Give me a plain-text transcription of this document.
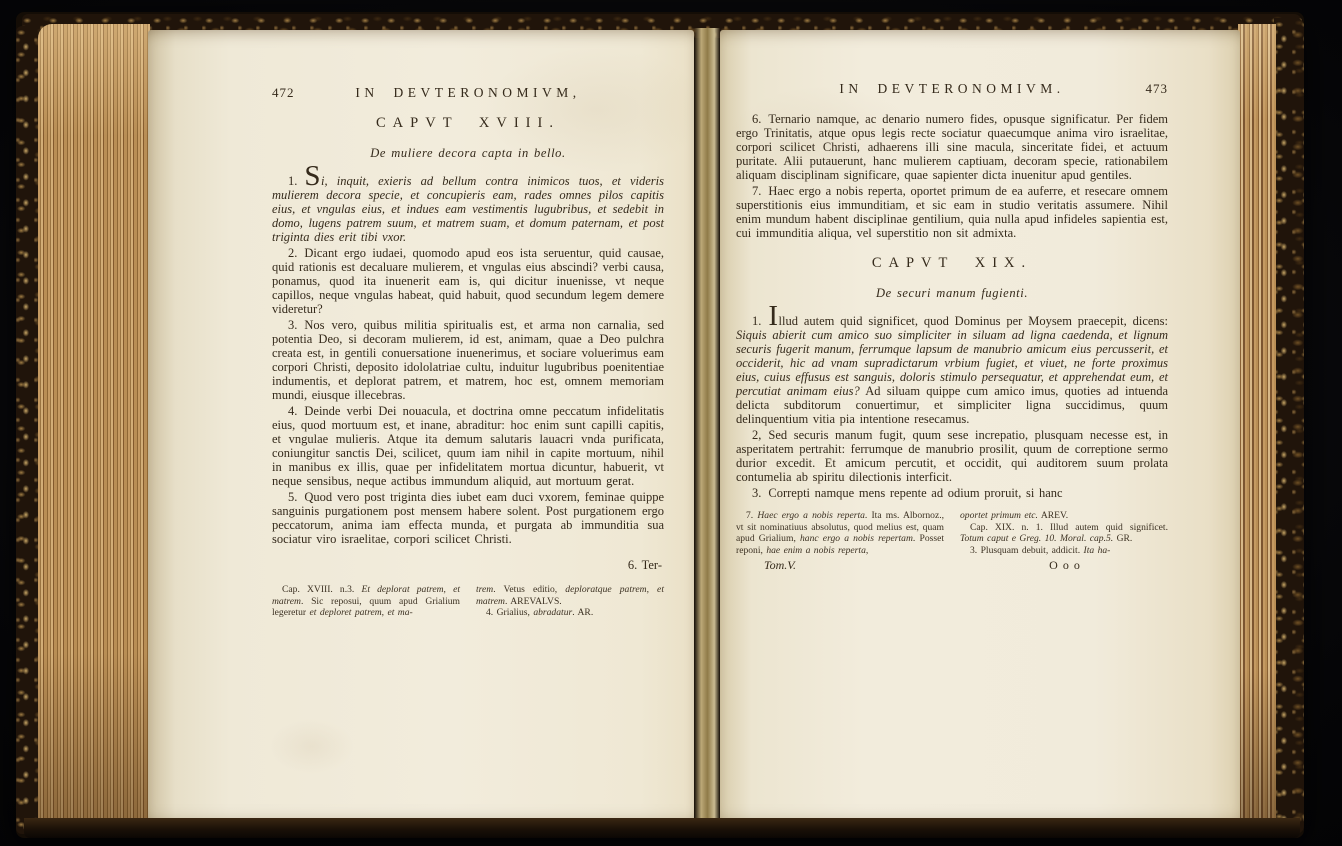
472	IN DEVTERONOMIVM,
CAPVT XVIII.
De muliere decora capta in bello.

1. Si, inquit, exieris ad bellum contra inimicos tuos, et videris mulierem decora specie, et concupieris eam, rades omnes pilos capitis eius, et vngulas eius, et indues eam vestimentis lugubribus, et sedebit in domo, lugens patrem suum, et matrem suam, et domum paternam, et post triginta dies erit tibi vxor.

2. Dicant ergo iudaei, quomodo apud eos ista seruentur, quid causae, quid rationis est decaluare mulierem, et vngulas eius abscindi? verbi causa, ponamus, quod ita inuenerit eam is, qui dicitur inuenisse, vt neque capillos, neque vngulas habeat, quid habuit, quod secundum legem demere videretur?

3. Nos vero, quibus militia spiritualis est, et arma non carnalia, sed potentia Deo, si decoram mulierem, id est, animam, quae a Deo pulchra creata est, in gentili conuersatione inuenerimus, et sociare voluerimus eam corpori Christi, deposito idololatriae cultu, induitur lugubribus poenitentiae indumentis, et deplorat patrem, et matrem, hoc est, omnem memoriam mundi, eiusque illecebras.

4. Deinde verbi Dei nouacula, et doctrina omne peccatum infidelitatis eius, quod mortuum est, et inane, abraditur: hoc enim sunt capilli capitis, et vngulae mulieris. Atque ita demum salutaris lauacri vnda purificata, coniungitur sanctis Dei, scilicet, quum iam nihil in capite mortuum, nihil in manibus ex illis, quae per infidelitatem mortua dicuntur, habuerit, vt neque sensibus, neque actibus immundum aliquid, aut mortuum gerat.

5. Quod vero post triginta dies iubet eam duci vxorem, feminae quippe sanguinis purgationem post mensem habere solent. Post purgationem ergo peccatorum, anima iam effecta munda, et purgata ab immunditia sua sociatur viro israelitae, corpori scilicet Christi.

6. Ter-

Cap. XVIII. n.3. Et deplorat patrem, et matrem. Sic reposui, quum apud Grialium legeretur et deploret patrem, et ma-

trem. Vetus editio, deploratque patrem, et matrem. AREVALVS.

4. Grialius, abradatur. AR.

IN DEVTERONOMIVM.	473

6. Ternario namque, ac denario numero fides, opusque significatur. Per fidem ergo Trinitatis, atque opus legis recte sociatur quaecumque anima viro israelitae, corpori scilicet Christi, adhaerens illi sine macula, sinceritate fidei, et actuum puritate. Alii putauerunt, hanc mulierem captiuam, decoram specie, rationabilem aliquam disciplinam significare, quae sapienter dicta inuenitur apud gentiles.

7. Haec ergo a nobis reperta, oportet primum de ea auferre, et resecare omnem superstitionis eius immunditiam, et sic eam in studio veritatis assumere. Nihil enim mundum habent disciplinae gentilium, quia nulla apud infideles sapientia est, cui immunditia aliqua, vel superstitio non sit admixta.

CAPVT XIX.
De securi manum fugienti.

1. Illud autem quid significet, quod Dominus per Moysem praecepit, dicens: Siquis abierit cum amico suo simpliciter in siluam ad ligna caedenda, et lignum securis fugerit manum, ferrumque lapsum de manubrio amicum eius percusserit, et occiderit, hic ad vnam supradictarum vrbium fugiet, et viuet, ne forte proximus eius, cuius effusus est sanguis, doloris stimulo persequatur, et apprehendat eum, et percutiat animam eius? Ad siluam quippe cum amico imus, quoties ad intuenda delicta subditorum conuertimur, et simpliciter ligna succidimus, quum delinquentium vitia pia intentione resecamus.

2, Sed securis manum fugit, quum sese increpatio, plusquam necesse est, in asperitatem pertrahit: ferrumque de manubrio prosilit, quum de correptione sermo durior excedit. Et amicum percutit, et occidit, qui auditorem suum prolata contumelia ab spiritu dilectionis interficit.

3. Correpti namque mens repente ad odium proruit, si hanc

7. Haec ergo a nobis reperta. Ita ms. Albornoz., vt sit nominatiuus absolutus, quod melius est, quam apud Grialium, hanc ergo a nobis repertam. Posset reponi, hae enim a nobis reperta,

oportet primum etc. AREV.

Cap. XIX. n. 1. Illud autem quid significet. Totum caput e Greg. 10. Moral. cap.5. GR.

3. Plusquam debuit, addicit. Ita ha-

Tom.V.	Ooo
